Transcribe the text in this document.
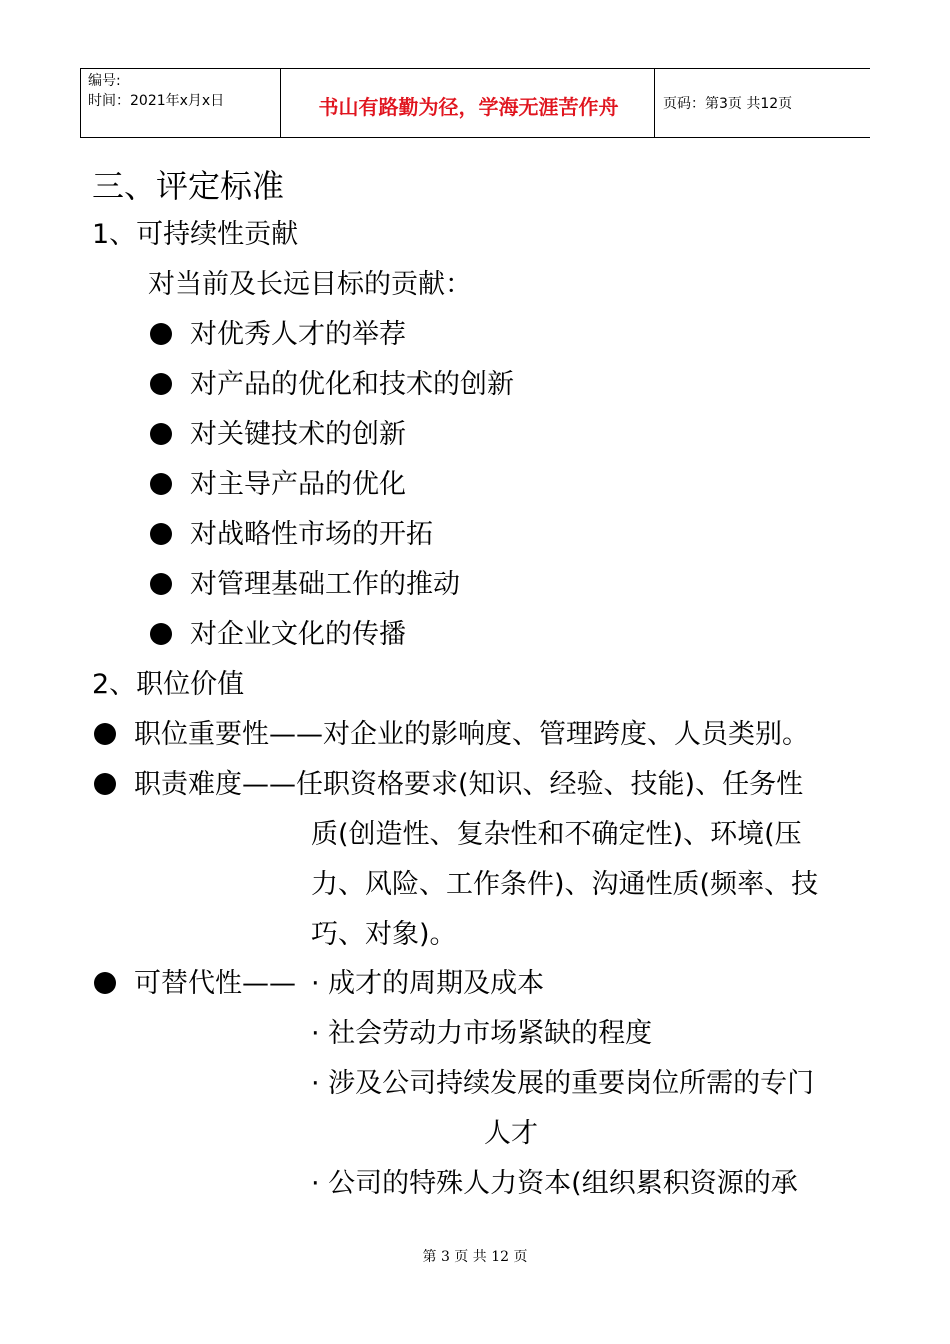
编号:
时间：2021年x月x日	书山有路勤为径，学海无涯苦作舟	页码：第3页 共12页
三、评定标准
1、可持续性贡献
对当前及长远目标的贡献：
对优秀人才的举荐
对产品的优化和技术的创新
对关键技术的创新
对主导产品的优化
对战略性市场的开拓
对管理基础工作的推动
对企业文化的传播
2、职位价值
职位重要性——对企业的影响度、管理跨度、人员类别。
职责难度——任职资格要求(知识、经验、技能)、任务性
质(创造性、复杂性和不确定性)、环境(压
力、风险、工作条件)、沟通性质(频率、技
巧、对象)。
可替代性—— · 成才的周期及成本
· 社会劳动力市场紧缺的程度
· 涉及公司持续发展的重要岗位所需的专门
人才
· 公司的特殊人力资本(组织累积资源的承
第 3 页 共 12 页
